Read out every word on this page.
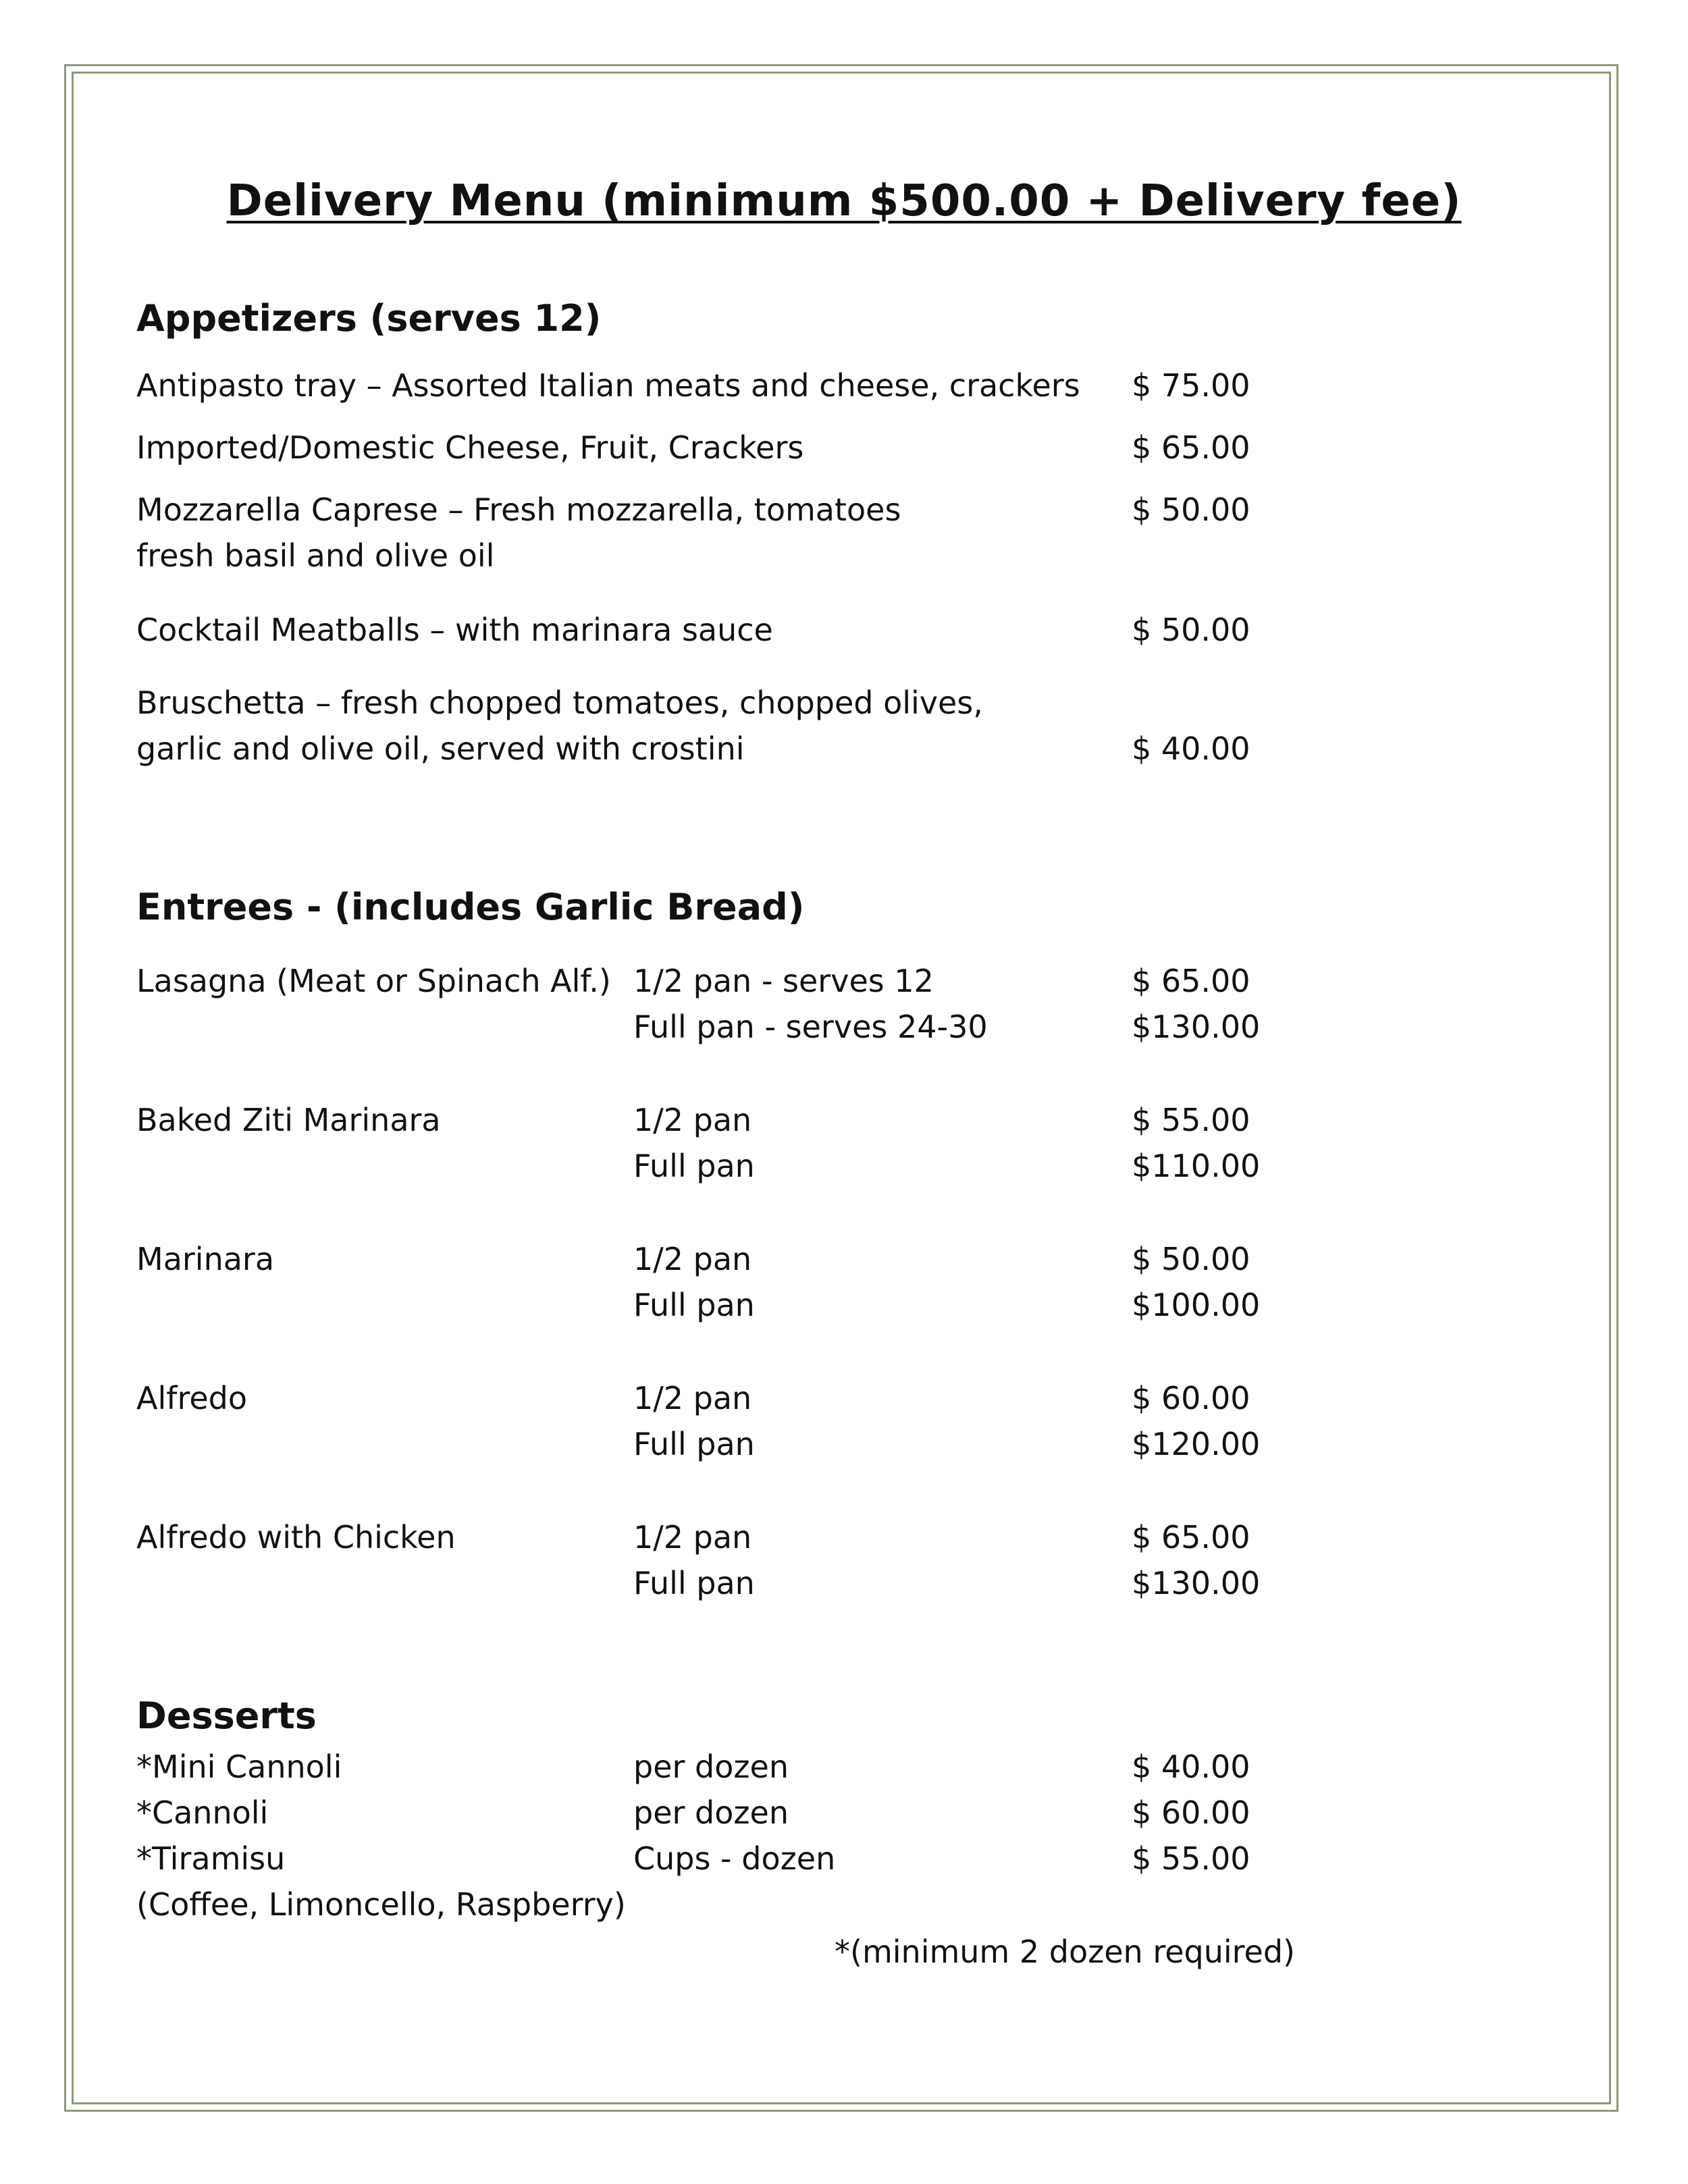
Delivery Menu (minimum $500.00 + Delivery fee)
Appetizers (serves 12)
Antipasto tray – Assorted Italian meats and cheese, crackers $ 75.00
Imported/Domestic Cheese, Fruit, Crackers	$ 65.00
Mozzarella Caprese – Fresh mozzarella, tomatoes
fresh basil and olive oil
$ 50.00
Cocktail Meatballs – with marinara sauce	$ 50.00
Bruschetta – fresh chopped tomatoes, chopped olives,
garlic and olive oil, served with crostini	$ 40.00
Entrees - (includes Garlic Bread)
Lasagna (Meat or Spinach Alf.) 1/2 pan - serves 12	$ 65.00
Full pan - serves 24-30	$130.00
Baked Ziti Marinara	1/2 pan	$ 55.00
Full pan	$110.00
Marinara	1/2 pan	$ 50.00
Full pan	$100.00
Alfredo	1/2 pan	$ 60.00
Full pan	$120.00
Alfredo with Chicken	1/2 pan	$ 65.00
Full pan	$130.00
Desserts
*Mini Cannoli	per dozen	$ 40.00
*Cannoli	per dozen	$ 60.00
*Tiramisu	Cups - dozen	$ 55.00
(Coffee, Limoncello, Raspberry)
*(minimum 2 dozen required)
